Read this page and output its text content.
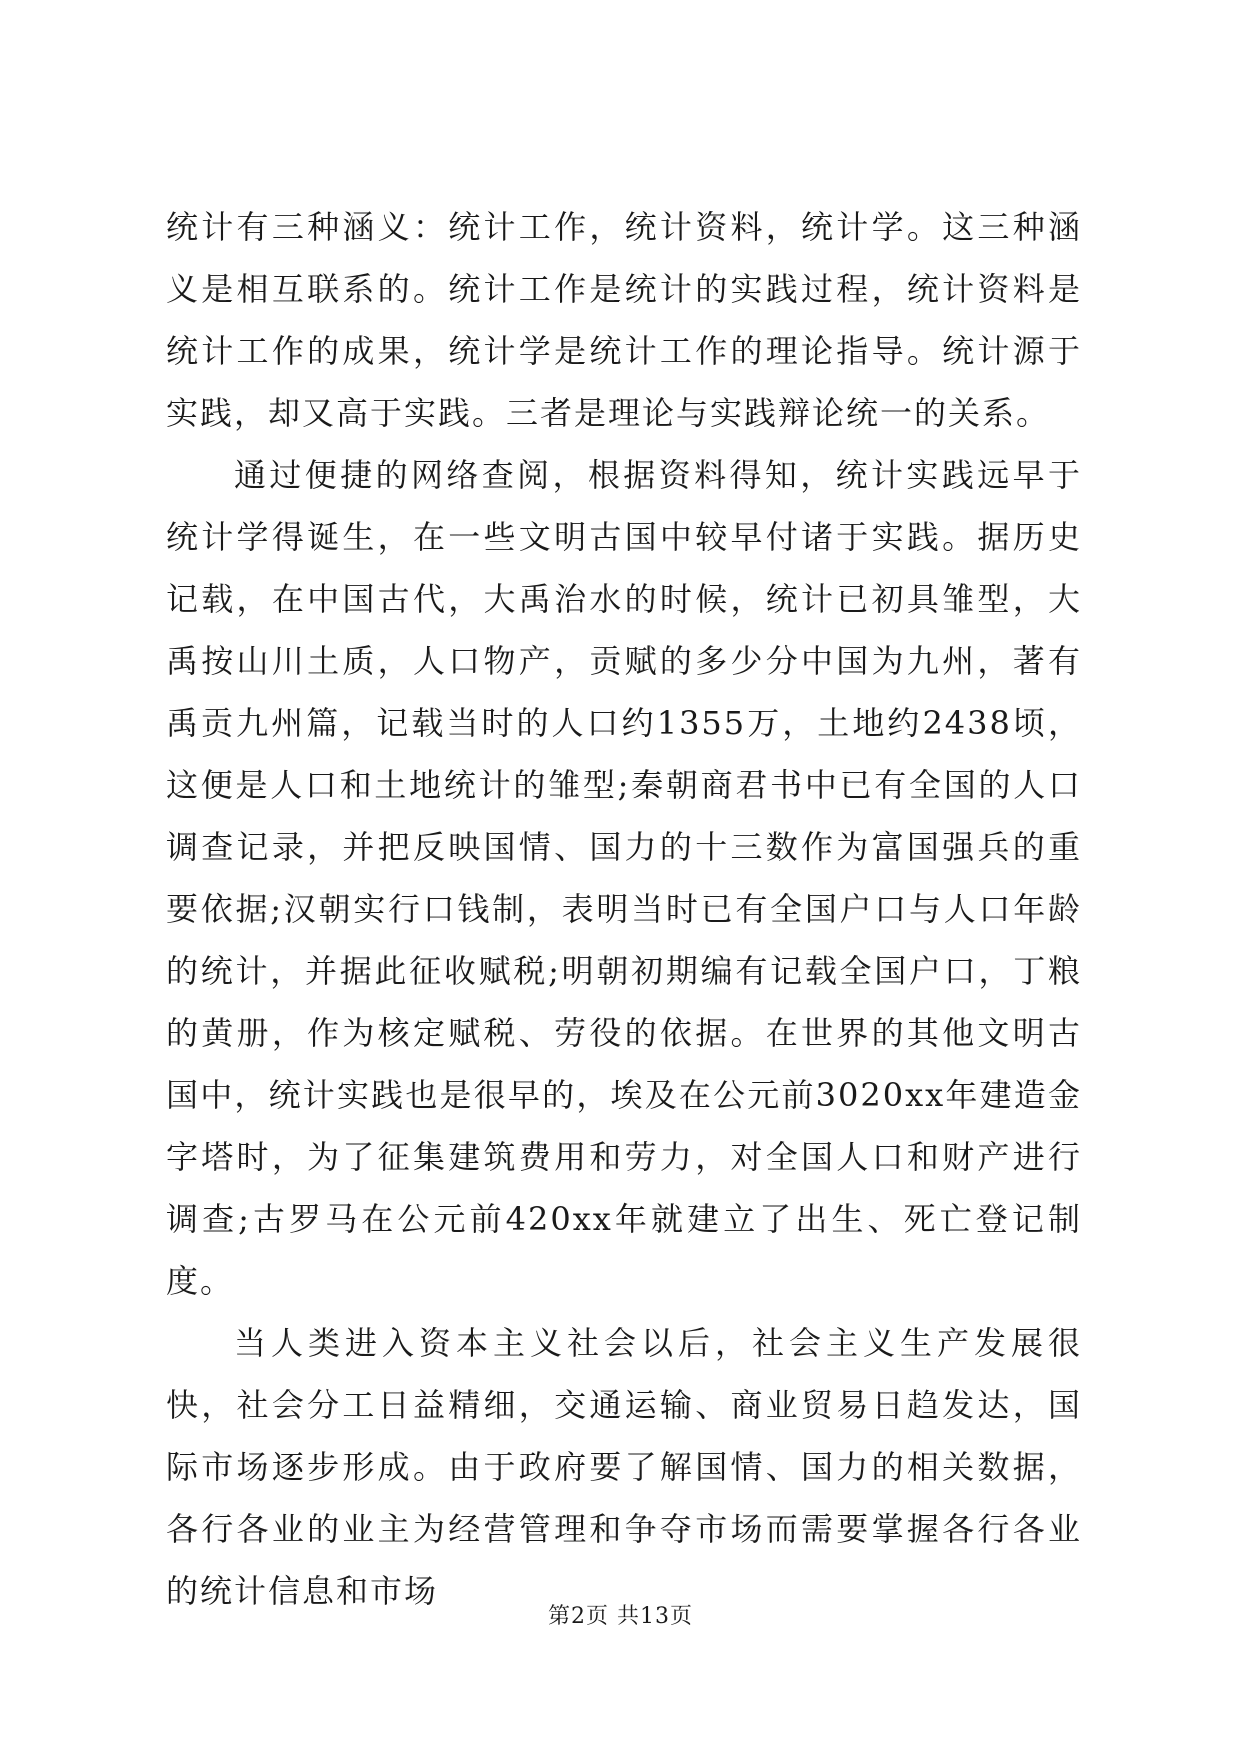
统计有三种涵义：统计工作，统计资料，统计学。这三种涵义是相互联系的。统计工作是统计的实践过程，统计资料是统计工作的成果，统计学是统计工作的理论指导。统计源于实践，却又高于实践。三者是理论与实践辩论统一的关系。

通过便捷的网络查阅，根据资料得知，统计实践远早于统计学得诞生，在一些文明古国中较早付诸于实践。据历史记载，在中国古代，大禹治水的时候，统计已初具雏型，大禹按山川土质，人口物产，贡赋的多少分中国为九州，著有禹贡九州篇，记载当时的人口约1355万，土地约2438顷，这便是人口和土地统计的雏型;秦朝商君书中已有全国的人口调查记录，并把反映国情、国力的十三数作为富国强兵的重要依据;汉朝实行口钱制，表明当时已有全国户口与人口年龄的统计，并据此征收赋税;明朝初期编有记载全国户口，丁粮的黄册，作为核定赋税、劳役的依据。在世界的其他文明古国中，统计实践也是很早的，埃及在公元前3020xx年建造金字塔时，为了征集建筑费用和劳力，对全国人口和财产进行调查;古罗马在公元前420xx年就建立了出生、死亡登记制度。

当人类进入资本主义社会以后，社会主义生产发展很快，社会分工日益精细，交通运输、商业贸易日趋发达，国际市场逐步形成。由于政府要了解国情、国力的相关数据，各行各业的业主为经营管理和争夺市场而需要掌握各行各业的统计信息和市场

第2页 共13页
